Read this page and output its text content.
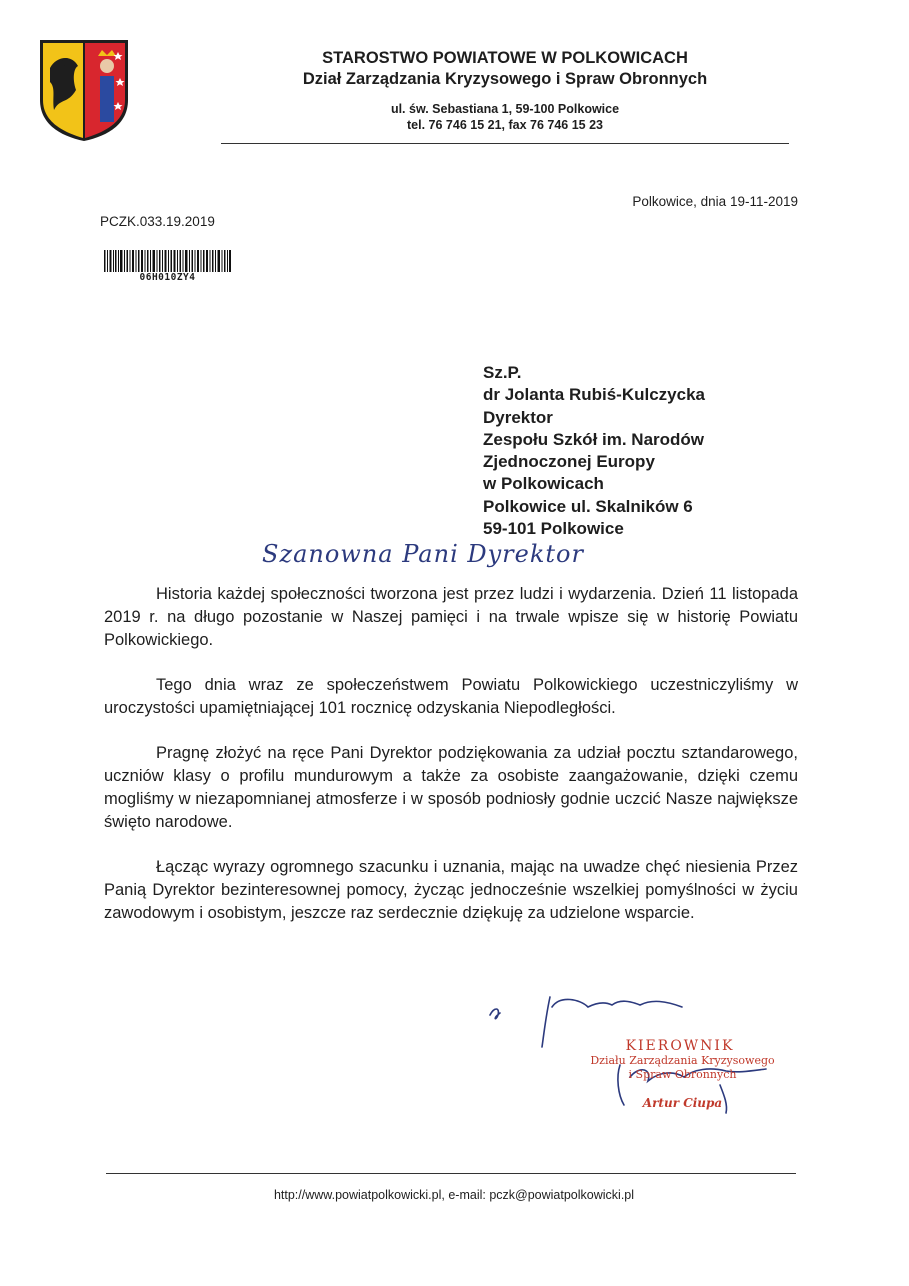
STAROSTWO POWIATOWE W POLKOWICACH
Dział Zarządzania Kryzysowego i Spraw Obronnych
ul. św. Sebastiana 1, 59-100 Polkowice
tel. 76 746 15 21, fax 76 746 15 23
Polkowice, dnia 19-11-2019
PCZK.033.19.2019
06H010ZY4
Sz.P.
dr Jolanta Rubiś-Kulczycka
Dyrektor
Zespołu Szkół im. Narodów
Zjednoczonej Europy
w Polkowicach
Polkowice ul. Skalników 6
59-101 Polkowice
Szanowna Pani Dyrektor

Historia każdej społeczności tworzona jest przez ludzi i wydarzenia. Dzień 11 listopada 2019 r. na długo pozostanie w Naszej pamięci i na trwale wpisze się w historię Powiatu Polkowickiego.

Tego dnia wraz ze społeczeństwem Powiatu Polkowickiego uczestniczyliśmy w uroczystości upamiętniającej 101 rocznicę odzyskania Niepodległości.

Pragnę złożyć na ręce Pani Dyrektor podziękowania za udział pocztu sztandarowego, uczniów klasy o profilu mundurowym a także za osobiste zaangażowanie, dzięki czemu mogliśmy w niezapomnianej atmosferze i w sposób podniosły godnie uczcić Nasze największe święto narodowe.

Łącząc wyrazy ogromnego szacunku i uznania, mając na uwadze chęć niesienia Przez Panią Dyrektor bezinteresownej pomocy, życząc jednocześnie wszelkiej pomyślności w życiu zawodowym i osobistym, jeszcze raz serdecznie dziękuję za udzielone wsparcie.

KIEROWNIK
Działu Zarządzania Kryzysowego
i Spraw Obronnych
Artur Ciupa
http://www.powiatpolkowicki.pl, e-mail: pczk@powiatpolkowicki.pl
